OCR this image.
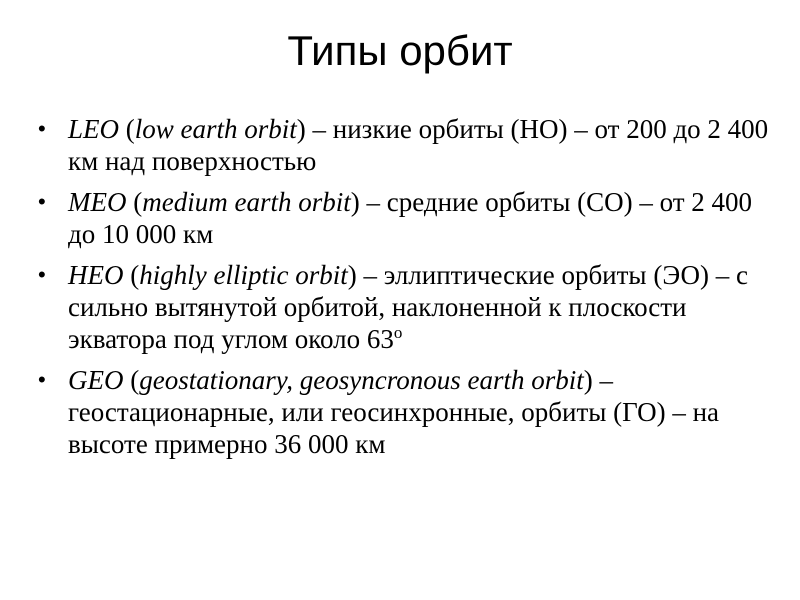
Типы орбит
• LEO (low earth orbit) – низкие орбиты (НО) – от 200 до 2 400 км над поверхностью
• MEO (medium earth orbit) – средние орбиты (СО) – от 2 400 до 10 000 км
• HEO (highly elliptic orbit) – эллиптические орбиты (ЭО) – с сильно вытянутой орбитой, наклоненной к плоскости экватора под углом около 63$^o$
• GEO (geostationary, geosyncronous earth orbit) – геостационарные, или геосинхронные, орбиты (ГО) – на высоте примерно 36 000 км
